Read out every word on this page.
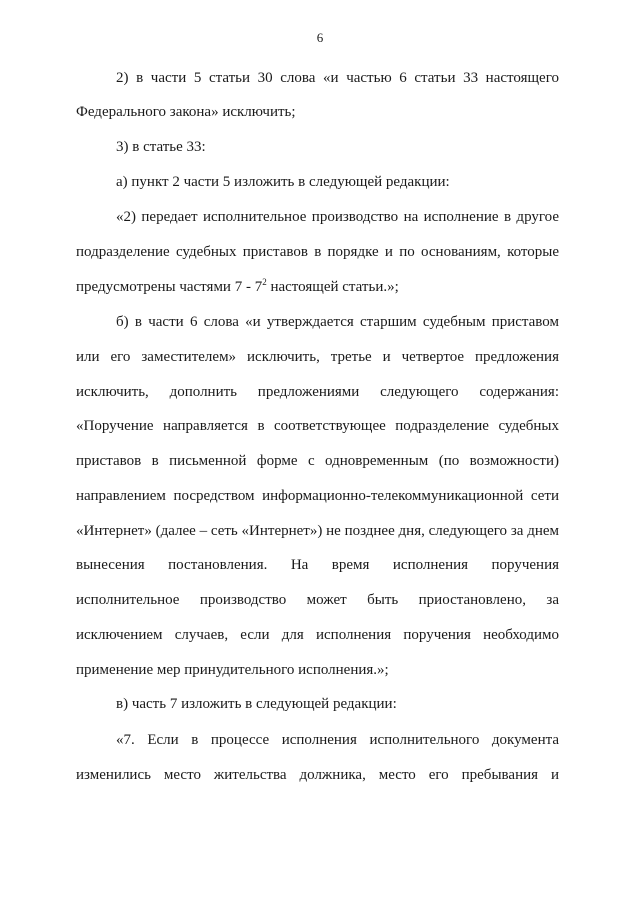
6
2) в части 5 статьи 30 слова «и частью 6 статьи 33 настоящего
Федерального закона» исключить;
3) в статье 33:
а) пункт 2 части 5 изложить в следующей редакции:
«2) передает исполнительное производство на исполнение в другое
подразделение судебных приставов в порядке и по основаниям, которые
предусмотрены частями $7 - 7^2$ настоящей статьи.»;
б) в части 6 слова «и утверждается старшим судебным приставом
или его заместителем» исключить, третье и четвертое предложения
исключить, дополнить предложениями следующего содержания:
«Поручение направляется в соответствующее подразделение судебных
приставов в письменной форме с одновременным (по возможности)
направлением посредством информационно-телекоммуникационной сети
«Интернет» (далее – сеть «Интернет») не позднее дня, следующего за днем
вынесения постановления. На время исполнения поручения
исполнительное производство может быть приостановлено, за
исключением случаев, если для исполнения поручения необходимо
применение мер принудительного исполнения.»;
в) часть 7 изложить в следующей редакции:
«7. Если в процессе исполнения исполнительного документа
изменились место жительства должника, место его пребывания и
